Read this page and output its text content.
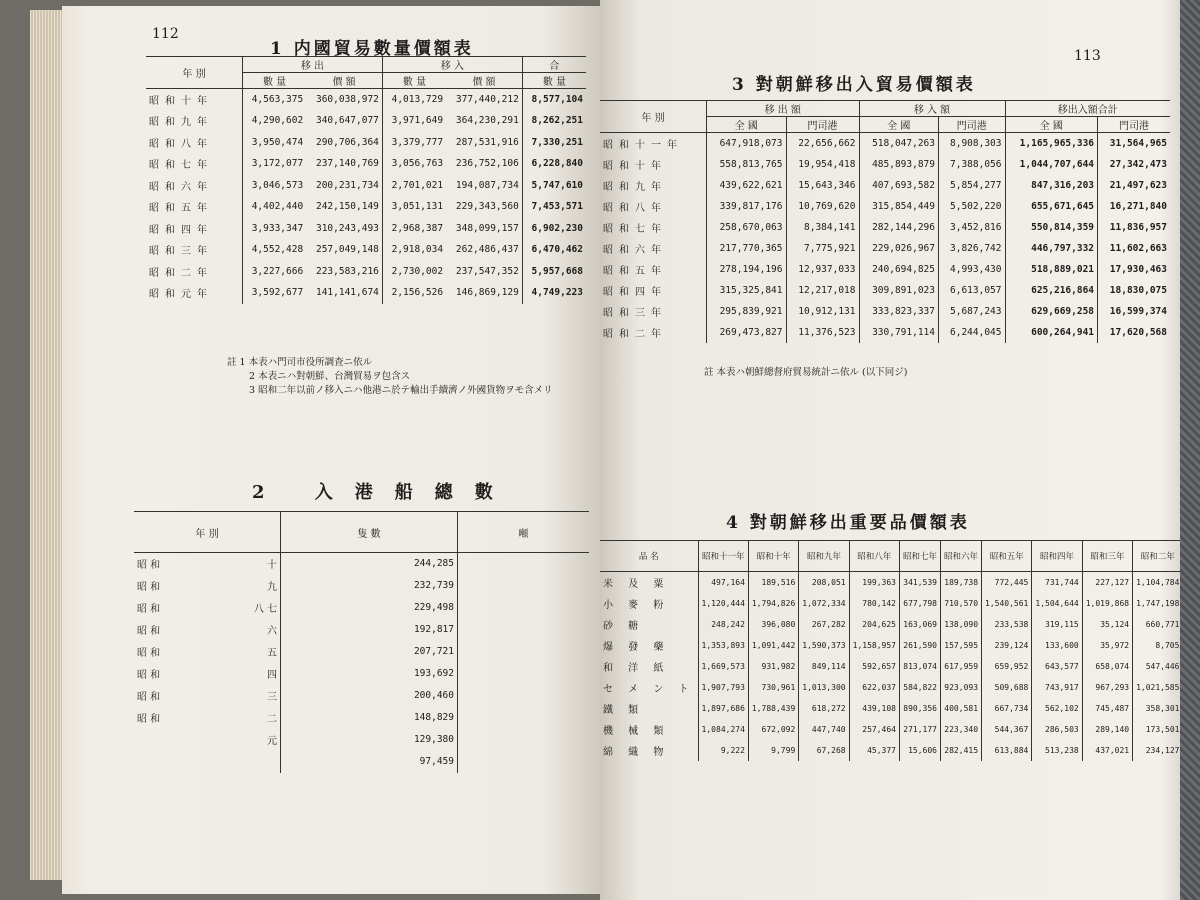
112
1 内國貿易數量價額表
年 別	移 出		移 入		合
	數 量	價 額	數 量	價 額	數 量
昭和十年	4,563,375	360,038,972	4,013,729	377,440,212	8,577,104
昭和九年	4,290,602	340,647,077	3,971,649	364,230,291	8,262,251
昭和八年	3,950,474	290,706,364	3,379,777	287,531,916	7,330,251
昭和七年	3,172,077	237,140,769	3,056,763	236,752,106	6,228,840
昭和六年	3,046,573	200,231,734	2,701,021	194,087,734	5,747,610
昭和五年	4,402,440	242,150,149	3,051,131	229,343,560	7,453,571
昭和四年	3,933,347	310,243,493	2,968,387	348,099,157	6,902,230
昭和三年	4,552,428	257,049,148	2,918,034	262,486,437	6,470,462
昭和二年	3,227,666	223,583,216	2,730,002	237,547,352	5,957,668
昭和元年	3,592,677	141,141,674	2,156,526	146,869,129	4,749,223
註 1 本表ハ門司市役所調査ニ依ル
2 本表ニハ對朝鮮、台灣貿易ヲ包含ス
3 昭和二年以前ノ移入ニハ他港ニ於テ輸出手續濟ノ外國貨物ヲモ含メリ
2 入港船總數
年 別	隻 數	噸

昭 和 十	244,285	

昭 和 九	232,739	

昭 和 八 七	229,498	

昭 和 六	192,817	

昭 和 五	207,721	

昭 和 四	193,692	

昭 和 三	200,460	

昭 和 二	148,829	

元	129,380	

	97,459	
113
3 對朝鮮移出入貿易價額表
年 別	移 出 額		移 入 額		移出入額合計	
	全 國	門司港	全 國	門司港	全 國	門司港
昭和十一年	647,918,073	22,656,662	518,047,263	8,908,303	1,165,965,336	31,564,965
昭和十年	558,813,765	19,954,418	485,893,879	7,388,056	1,044,707,644	27,342,473
昭和九年	439,622,621	15,643,346	407,693,582	5,854,277	847,316,203	21,497,623
昭和八年	339,817,176	10,769,620	315,854,449	5,502,220	655,671,645	16,271,840
昭和七年	258,670,063	8,384,141	282,144,296	3,452,816	550,814,359	11,836,957
昭和六年	217,770,365	7,775,921	229,026,967	3,826,742	446,797,332	11,602,663
昭和五年	278,194,196	12,937,033	240,694,825	4,993,430	518,889,021	17,930,463
昭和四年	315,325,841	12,217,018	309,891,023	6,613,057	625,216,864	18,830,075
昭和三年	295,839,921	10,912,131	333,823,337	5,687,243	629,669,258	16,599,374
昭和二年	269,473,827	11,376,523	330,791,114	6,244,045	600,264,941	17,620,568
註 本表ハ朝鮮總督府貿易統計ニ依ル (以下同ジ)

4 對朝鮮移出重要品價額表
品 名	昭和十一年	昭和十年	昭和九年	昭和八年	昭和七年	昭和六年	昭和五年	昭和四年	昭和三年	昭和二年
米 及 粟	497,164	189,516	208,051	199,363	341,539	189,738	772,445	731,744	227,127	1,104,784
小 麥 粉	1,120,444	1,794,826	1,072,334	780,142	677,798	710,570	1,540,561	1,504,644	1,019,868	1,747,198
砂 糖	248,242	396,080	267,282	204,625	163,069	138,090	233,538	319,115	35,124	660,771
爆 發 藥	1,353,893	1,091,442	1,590,373	1,158,957	261,590	157,595	239,124	133,600	35,972	8,705
和 洋 紙	1,669,573	931,982	849,114	592,657	813,074	617,959	659,952	643,577	658,074	547,446
セ メ ン ト	1,907,793	730,961	1,013,300	622,037	584,822	923,093	509,688	743,917	967,293	1,021,585
鐵 類	1,897,686	1,788,439	618,272	439,108	890,356	400,581	667,734	562,102	745,487	358,301
機 械 類	1,084,274	672,092	447,740	257,464	271,177	223,340	544,367	286,503	289,140	173,501
綿 織 物	9,222	9,799	67,268	45,377	15,606	282,415	613,884	513,238	437,021	234,127
